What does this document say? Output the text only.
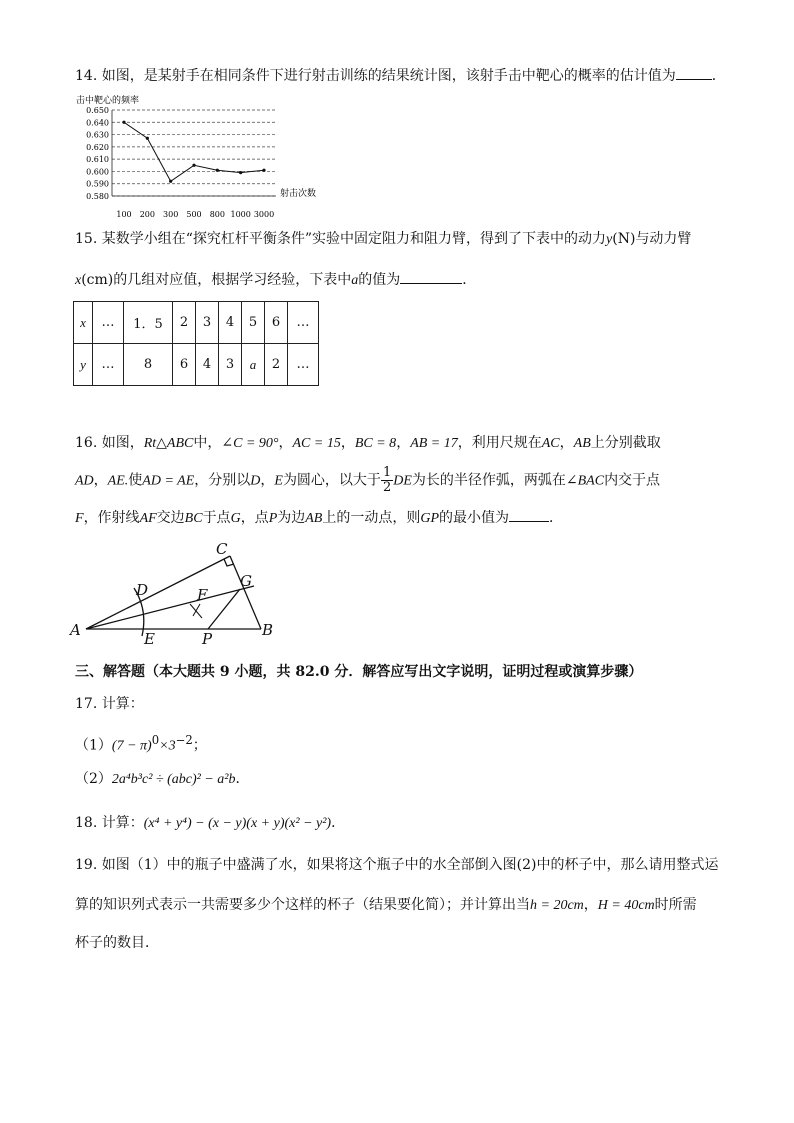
14. 如图，是某射手在相同条件下进行射击训练的结果统计图，该射手击中靶心的概率的估计值为	．
击中靶心的频率
0.650
0.640
0.630
0.620
0.610
0.600
0.590
0.580
100 200 300 500 800 1000 3000
射击次数
15. 某数学小组在“探究杠杆平衡条件”实验中固定阻力和阻力臂，得到了下表中的动力y(N)与动力臂
x(cm)的几组对应值，根据学习经验，下表中a的值为	．
x	…	1．5	2	3	4	5	6	…
y	…	8	6	4	3	a	2	…
16. 如图，Rt△ABC中，∠C = 90°，AC = 15，BC = 8，AB = 17，利用尺规在AC，AB上分别截取
AD，AE.使AD = AE，分别以D，E为圆心，以大于 $\frac{1}{2}$ DE为长的半径作弧，两弧在∠BAC内交于点
F，作射线AF交边BC于点G，点P为边AB上的一动点，则GP的最小值为	．
A	B
C
D
E
F
G
P
三、解答题（本大题共 9 小题，共 82.0 分．解答应写出文字说明，证明过程或演算步骤）
17. 计算：
$(1)(7 - \pi)^0\times 3^{-2}$；
（2）2a⁴b³c² ÷ (abc)² − a²b．
18. 计算：(x⁴ + y⁴) − (x − y)(x + y)(x² − y²)．
19. 如图（1）中的瓶子中盛满了水，如果将这个瓶子中的水全部倒入图(2)中的杯子中，那么请用整式运
算的知识列式表示一共需要多少个这样的杯子（结果要化简）；并计算出当h = 20cm，H = 40cm时所需
杯子的数目．
